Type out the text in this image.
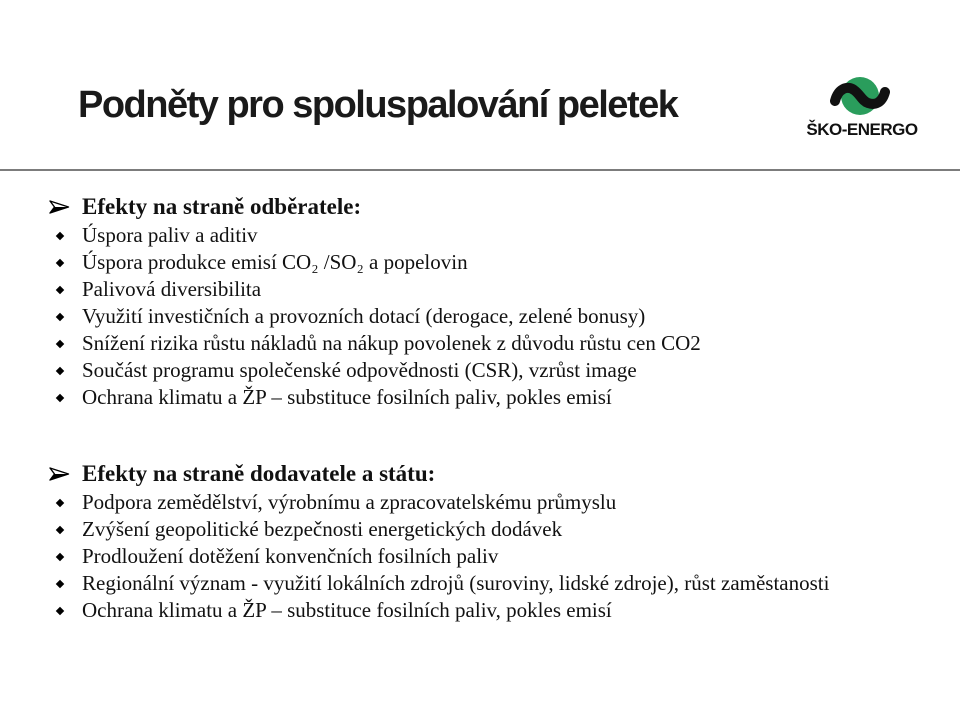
Podněty pro spoluspalování peletek
ŠKO-ENERGO
Efekty na straně odběratele:
Úspora paliv a aditiv
Úspora produkce emisí CO₂ /SO₂ a popelovin
Palivová diversibilita
Využití investičních a provozních dotací (derogace, zelené bonusy)
Snížení rizika růstu nákladů na nákup povolenek z důvodu růstu cen CO2
Součást programu společenské odpovědnosti (CSR), vzrůst image
Ochrana klimatu a ŽP – substituce fosilních paliv, pokles emisí
Efekty na straně dodavatele a státu:
Podpora zemědělství, výrobnímu a zpracovatelskému průmyslu
Zvýšení geopolitické bezpečnosti energetických dodávek
Prodloužení dotěžení konvenčních fosilních paliv
Regionální význam - využití lokálních zdrojů (suroviny, lidské zdroje), růst zaměstanosti
Ochrana klimatu a ŽP – substituce fosilních paliv, pokles emisí
